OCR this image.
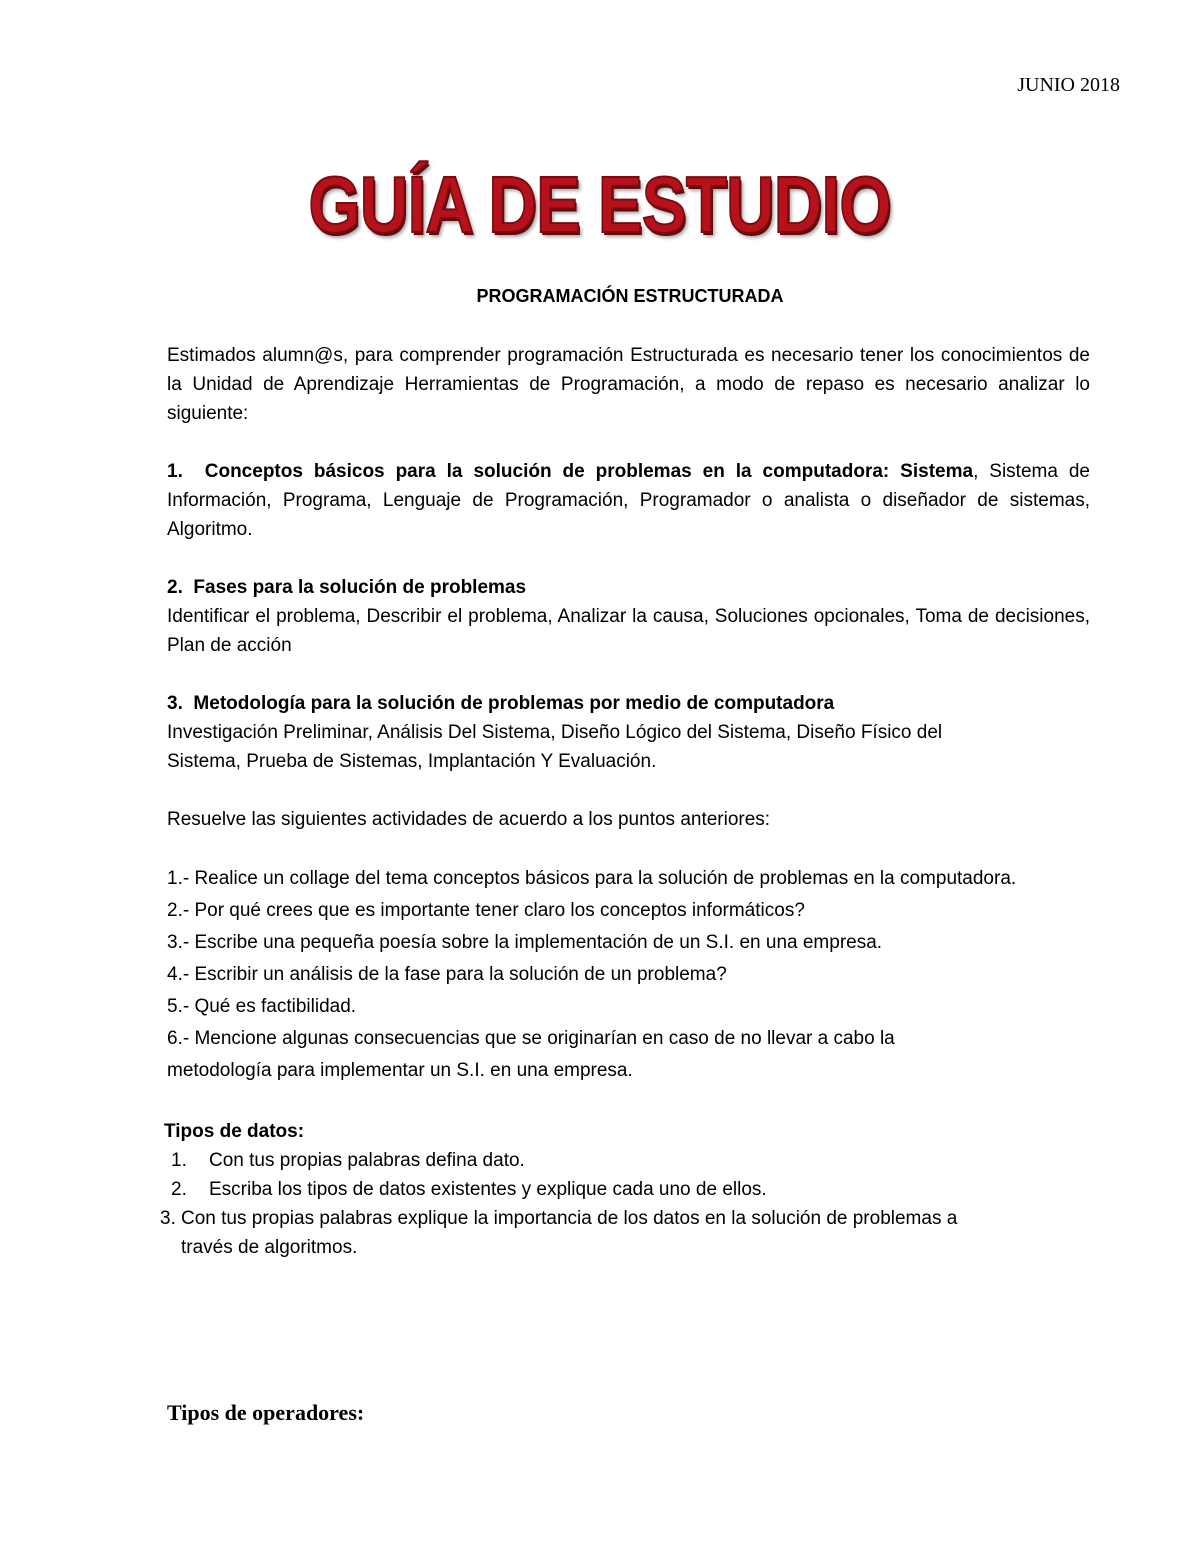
JUNIO 2018
GUÍA DE ESTUDIO
PROGRAMACIÓN ESTRUCTURADA

Estimados alumn@s, para comprender programación Estructurada es necesario tener los conocimientos de la Unidad de Aprendizaje Herramientas de Programación, a modo de repaso es necesario analizar lo siguiente:

1. Conceptos básicos para la solución de problemas en la computadora: Sistema, Sistema de Información, Programa, Lenguaje de Programación, Programador o analista o diseñador de sistemas, Algoritmo.

2. Fases para la solución de problemas

Identificar el problema, Describir el problema, Analizar la causa, Soluciones opcionales, Toma de decisiones, Plan de acción

3. Metodología para la solución de problemas por medio de computadora

Investigación Preliminar, Análisis Del Sistema, Diseño Lógico del Sistema, Diseño Físico del

Sistema, Prueba de Sistemas, Implantación Y Evaluación.

Resuelve las siguientes actividades de acuerdo a los puntos anteriores:

1.- Realice un collage del tema conceptos básicos para la solución de problemas en la computadora.

2.- Por qué crees que es importante tener claro los conceptos informáticos?

3.- Escribe una pequeña poesía sobre la implementación de un S.I. en una empresa.

4.- Escribir un análisis de la fase para la solución de un problema?

5.- Qué es factibilidad.

6.- Mencione algunas consecuencias que se originarían en caso de no llevar a cabo la

metodología para implementar un S.I. en una empresa.

Tipos de datos:

1. Con tus propias palabras defina dato.
2. Escriba los tipos de datos existentes y explique cada uno de ellos.
3. Con tus propias palabras explique la importancia de los datos en la solución de problemas a
través de algoritmos.
Tipos de operadores:
